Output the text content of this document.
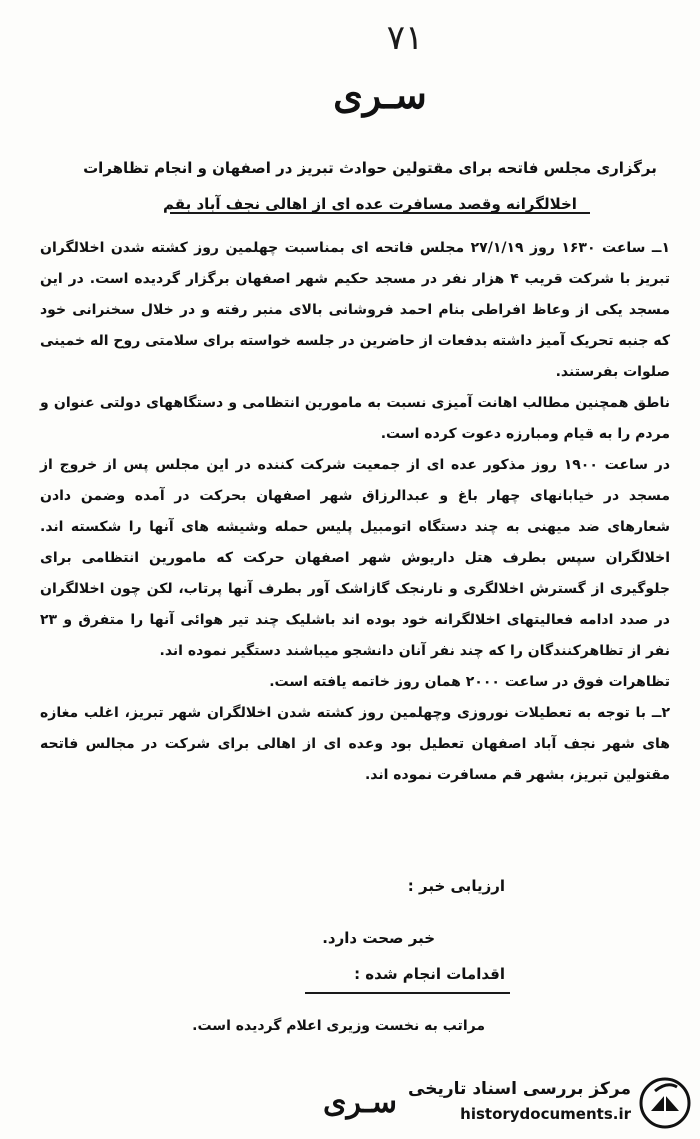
۷۱
سـری
برگزاری مجلس فاتحه برای مقتولین حوادث تبریز در اصفهان و انجام تظاهرات
اخلالگرانه وقصد مسافرت عده ای از اهالی نجف آباد بقم

۱ــ ساعت ۱۶۳۰ روز ۲۷/۱/۱۹ مجلس فاتحه ای بمناسبت چهلمین روز کشته شدن اخلالگران تبریز با شرکت قریب ۴ هزار نفر در مسجد حکیم شهر اصفهان برگزار گردیده است. در این مسجد یکی از وعاظ افراطی بنام احمد فروشانی بالای منبر رفته و در خلال سخنرانی خود که جنبه تحریک آمیز داشته بدفعات از حاضرین در جلسه خواسته برای سلامتی روح اله خمینی صلوات بفرستند.

ناطق همچنین مطالب اهانت آمیزی نسبت به مامورین انتظامی و دستگاههای دولتی عنوان و مردم را به قیام ومبارزه دعوت کرده است.

در ساعت ۱۹۰۰ روز مذکور عده ای از جمعیت شرکت کننده در این مجلس پس از خروج از مسجد در خیابانهای چهار باغ و عبدالرزاق شهر اصفهان بحرکت در آمده وضمن دادن شعارهای ضد میهنی به چند دستگاه اتومبیل پلیس حمله وشیشه های آنها را شکسته اند. اخلالگران سپس بطرف هتل داریوش شهر اصفهان حرکت که مامورین انتظامی برای جلوگیری از گسترش اخلالگری و نارنجک گازاشک آور بطرف آنها پرتاب، لکن چون اخلالگران در صدد ادامه فعالیتهای اخلالگرانه خود بوده اند باشلیک چند تیر هوائی آنها را متفرق و ۲۳ نفر از تظاهرکنندگان را که چند نفر آنان دانشجو میباشند دستگیر نموده اند.

تظاهرات فوق در ساعت ۲۰۰۰ همان روز خاتمه یافته است.

۲ــ با توجه به تعطیلات نوروزی وچهلمین روز کشته شدن اخلالگران شهر تبریز، اغلب مغازه های شهر نجف آباد اصفهان تعطیل بود وعده ای از اهالی برای شرکت در مجالس فاتحه مقتولین تبریز، بشهر قم مسافرت نموده اند.

ارزیابی خبر :
خبر صحت دارد.
اقدامات انجام شده :
مراتب به نخست وزیری اعلام گردیده است.
سـری مرکز بررسی اسناد تاریخی
historydocuments.ir
